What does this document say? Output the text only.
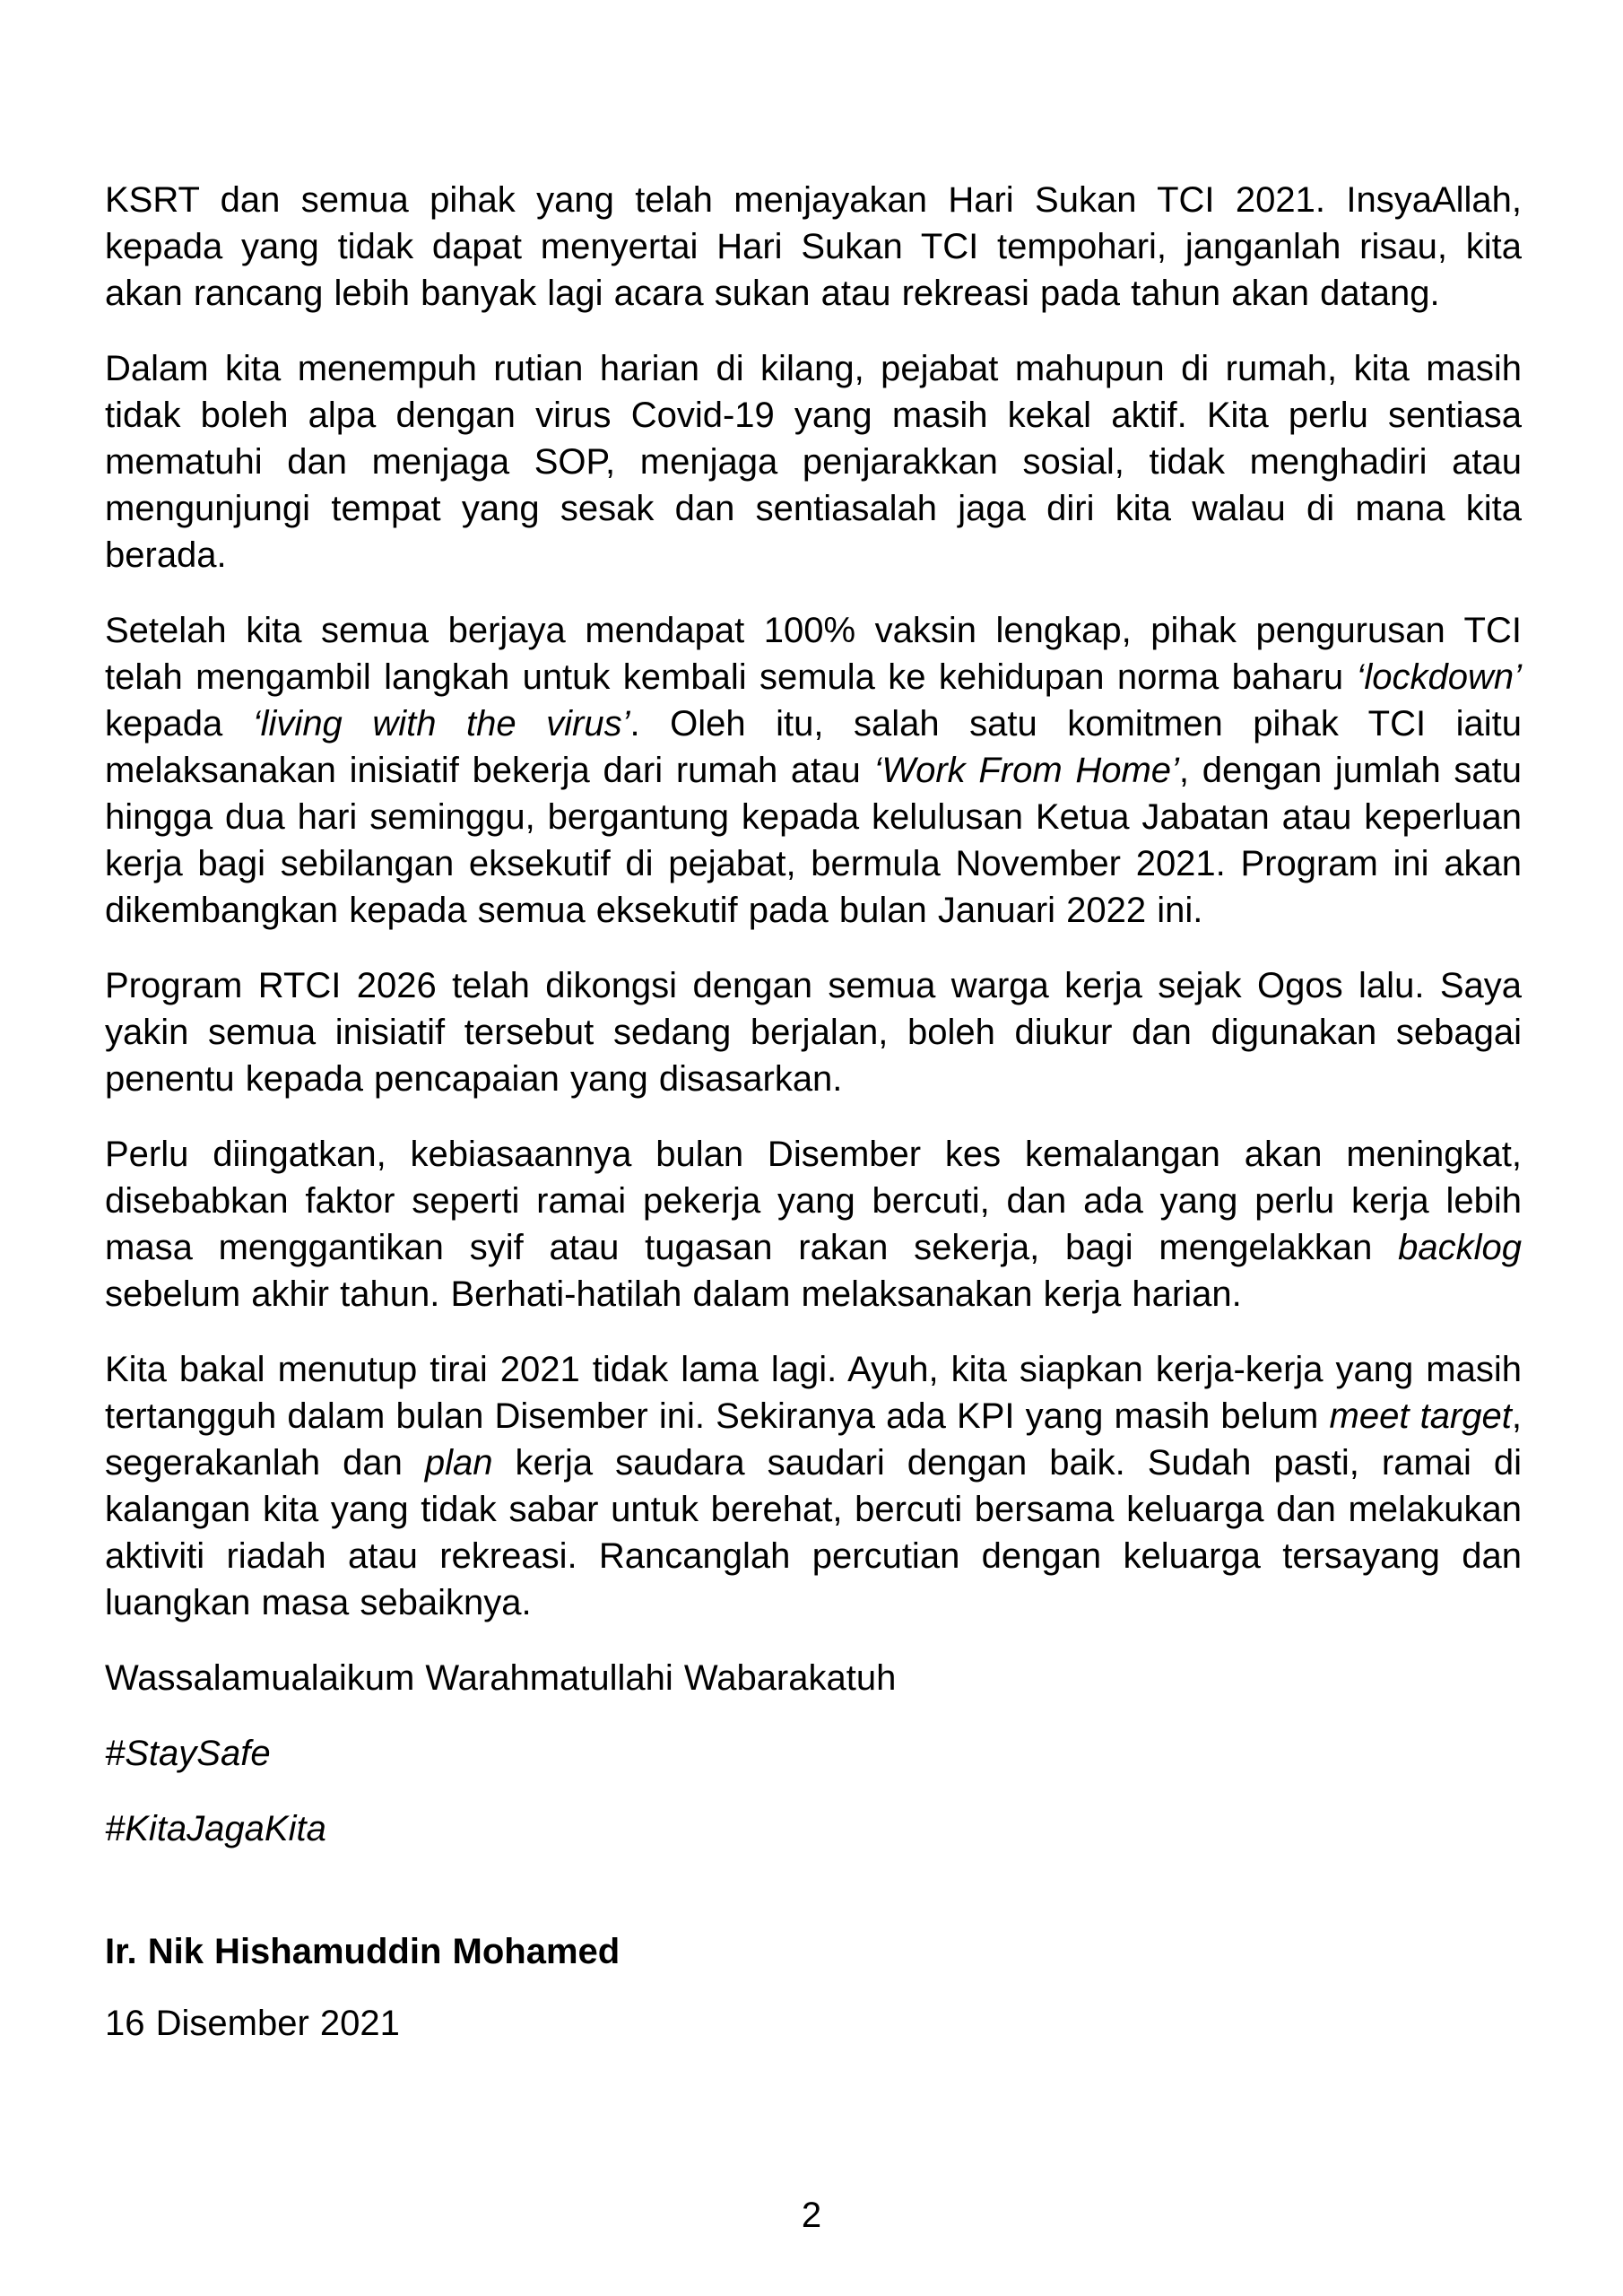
KSRT dan semua pihak yang telah menjayakan Hari Sukan TCI 2021. InsyaAllah, kepada yang tidak dapat menyertai Hari Sukan TCI tempohari, janganlah risau, kita akan rancang lebih banyak lagi acara sukan atau rekreasi pada tahun akan datang.

Dalam kita menempuh rutian harian di kilang, pejabat mahupun di rumah, kita masih tidak boleh alpa dengan virus Covid-19 yang masih kekal aktif. Kita perlu sentiasa mematuhi dan menjaga SOP, menjaga penjarakkan sosial, tidak menghadiri atau mengunjungi tempat yang sesak dan sentiasalah jaga diri kita walau di mana kita berada.

Setelah kita semua berjaya mendapat 100% vaksin lengkap, pihak pengurusan TCI telah mengambil langkah untuk kembali semula ke kehidupan norma baharu ‘lockdown’ kepada ‘living with the virus’. Oleh itu, salah satu komitmen pihak TCI iaitu melaksanakan inisiatif bekerja dari rumah atau ‘Work From Home’, dengan jumlah satu hingga dua hari seminggu, bergantung kepada kelulusan Ketua Jabatan atau keperluan kerja bagi sebilangan eksekutif di pejabat, bermula November 2021. Program ini akan dikembangkan kepada semua eksekutif pada bulan Januari 2022 ini.

Program RTCI 2026 telah dikongsi dengan semua warga kerja sejak Ogos lalu. Saya yakin semua inisiatif tersebut sedang berjalan, boleh diukur dan digunakan sebagai penentu kepada pencapaian yang disasarkan.

Perlu diingatkan, kebiasaannya bulan Disember kes kemalangan akan meningkat, disebabkan faktor seperti ramai pekerja yang bercuti, dan ada yang perlu kerja lebih masa menggantikan syif atau tugasan rakan sekerja, bagi mengelakkan backlog sebelum akhir tahun. Berhati-hatilah dalam melaksanakan kerja harian.

Kita bakal menutup tirai 2021 tidak lama lagi. Ayuh, kita siapkan kerja-kerja yang masih tertangguh dalam bulan Disember ini. Sekiranya ada KPI yang masih belum meet target, segerakanlah dan plan kerja saudara saudari dengan baik. Sudah pasti, ramai di kalangan kita yang tidak sabar untuk berehat, bercuti bersama keluarga dan melakukan aktiviti riadah atau rekreasi. Rancanglah percutian dengan keluarga tersayang dan luangkan masa sebaiknya.

Wassalamualaikum Warahmatullahi Wabarakatuh

#StaySafe

#KitaJagaKita

Ir. Nik Hishamuddin Mohamed

16 Disember 2021

2
